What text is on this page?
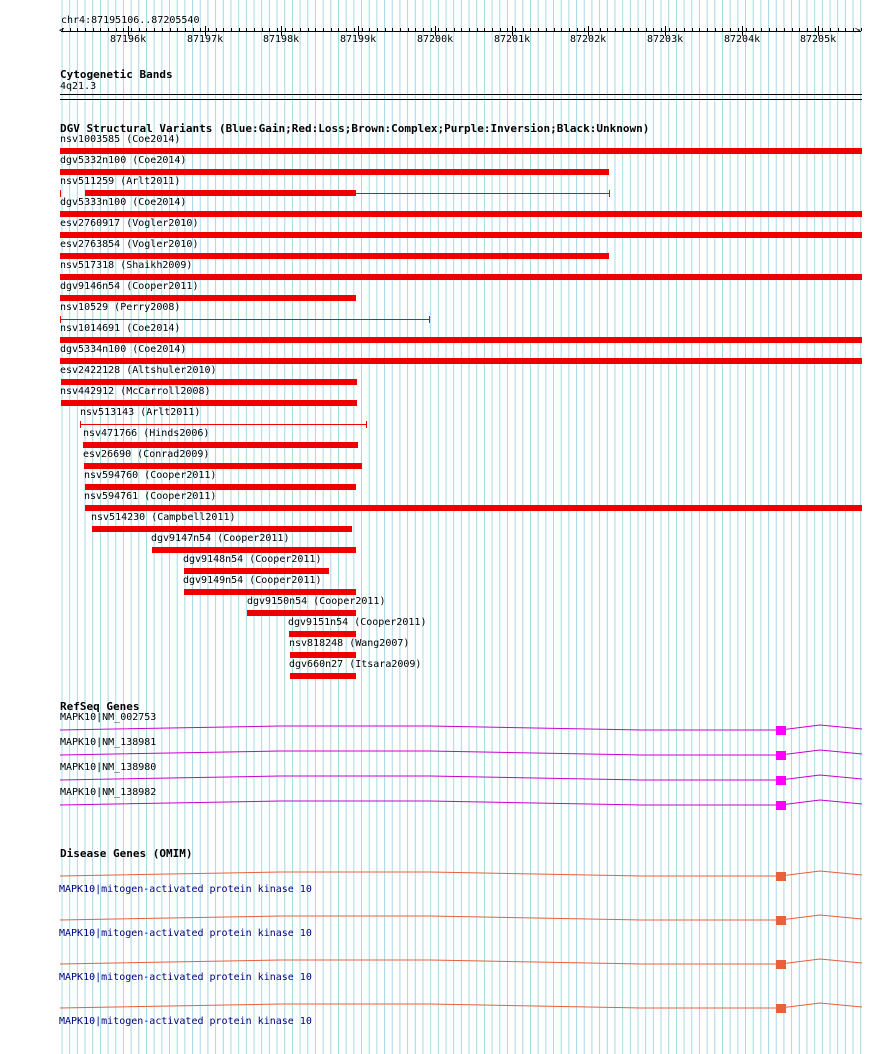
chr4:87195106..87205540
<	>
87196k	87197k	87198k	87199k	87200k	87201k	87202k	87203k	87204k	87205k
Cytogenetic Bands
4q21.3
DGV Structural Variants (Blue:Gain;Red:Loss;Brown:Complex;Purple:Inversion;Black:Unknown)
nsv1003585 (Coe2014)
dgv5332n100 (Coe2014)
nsv511259 (Arlt2011)
dgv5333n100 (Coe2014)
esv2760917 (Vogler2010)
esv2763854 (Vogler2010)
nsv517318 (Shaikh2009)
dgv9146n54 (Cooper2011)
nsv10529 (Perry2008)
nsv1014691 (Coe2014)
dgv5334n100 (Coe2014)
esv2422128 (Altshuler2010)
nsv442912 (McCarroll2008)
nsv513143 (Arlt2011)
nsv471766 (Hinds2006)
esv26690 (Conrad2009)
nsv594760 (Cooper2011)
nsv594761 (Cooper2011)
nsv514230 (Campbell2011)
dgv9147n54 (Cooper2011)
dgv9148n54 (Cooper2011)
dgv9149n54 (Cooper2011)
dgv9150n54 (Cooper2011)
dgv9151n54 (Cooper2011)
nsv818248 (Wang2007)
dgv660n27 (Itsara2009)
RefSeq Genes
Disease Genes (OMIM)
MAPK10|NM_002753
MAPK10|NM_138981
MAPK10|NM_138980
MAPK10|NM_138982
MAPK10|mitogen-activated protein kinase 10
MAPK10|mitogen-activated protein kinase 10
MAPK10|mitogen-activated protein kinase 10
MAPK10|mitogen-activated protein kinase 10
